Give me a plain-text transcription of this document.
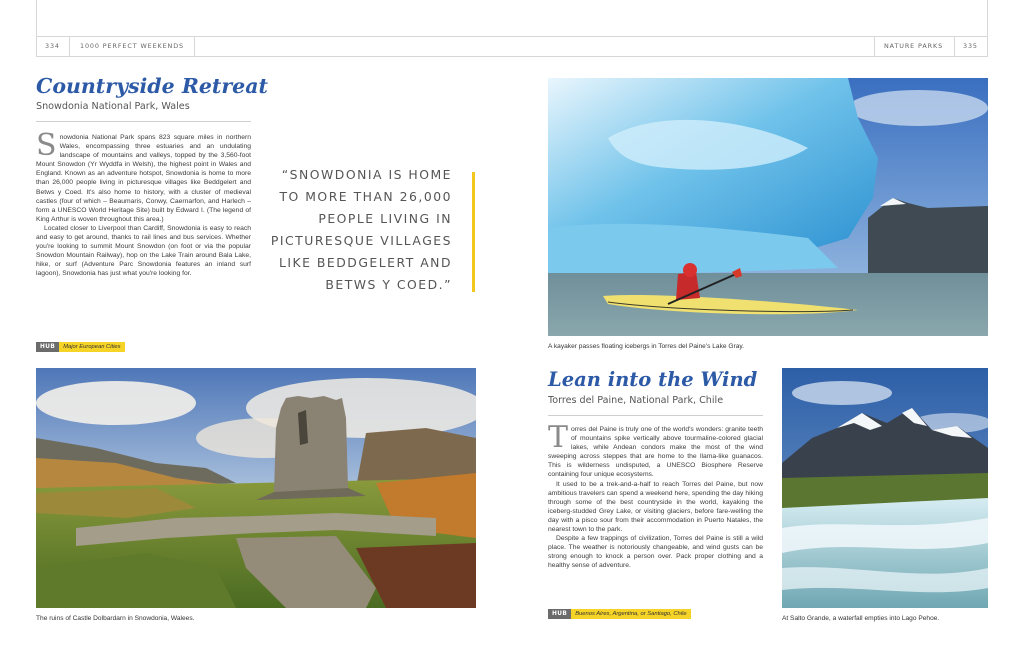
334	1000 PERFECT WEEKENDS	NATURE PARKS	335
Countryside Retreat
Snowdonia National Park, Wales

Snowdonia National Park spans 823 square miles in northern Wales, encompassing three estuaries and an undulating landscape of mountains and valleys, topped by the 3,560-foot Mount Snowdon (Yr Wyddfa in Welsh), the highest point in Wales and England. Known as an adventure hotspot, Snowdonia is home to more than 26,000 people living in picturesque villages like Beddgelert and Betws y Coed. It's also home to history, with a cluster of medieval castles (four of which – Beaumaris, Conwy, Caernarfon, and Harlech – form a UNESCO World Heritage Site) built by Edward I. (The legend of King Arthur is woven throughout this area.)

Located closer to Liverpool than Cardiff, Snowdonia is easy to reach and easy to get around, thanks to rail lines and bus services. Whether you're looking to summit Mount Snowdon (on foot or via the popular Snowdon Mountain Railway), hop on the Lake Train around Bala Lake, hike, or surf (Adventure Parc Snowdonia features an inland surf lagoon), Snowdonia has just what you're looking for.

HUB	Major European Cities
“SNOWDONIA IS HOME
TO MORE THAN 26,000
PEOPLE LIVING IN
PICTURESQUE VILLAGES
LIKE BEDDGELERT AND
BETWS Y COED.”
The ruins of Castle Dolbardarn in Snowdonia, Walees.
A kayaker passes floating icebergs in Torres del Paine's Lake Gray.
Lean into the Wind
Torres del Paine, National Park, Chile

Torres del Paine is truly one of the world's wonders: granite teeth of mountains spike vertically above tourmaline-colored glacial lakes, while Andean condors make the most of the wind sweeping across steppes that are home to the llama-like guanacos. This is wilderness undisputed, a UNESCO Biosphere Reserve containing four unique ecosystems.

It used to be a trek-and-a-half to reach Torres del Paine, but now ambitious travelers can spend a weekend here, spending the day hiking through some of the best countryside in the world, kayaking the iceberg-studded Grey Lake, or visiting glaciers, before fare-welling the day with a pisco sour from their accommodation in Puerto Natales, the nearest town to the park.

Despite a few trappings of civilization, Torres del Paine is still a wild place. The weather is notoriously changeable, and wind gusts can be strong enough to knock a person over. Pack proper clothing and a healthy sense of adventure.

HUB	Buenos Aires, Argentina, or Santiago, Chile
At Salto Grande, a waterfall empties into Lago Pehoe.
